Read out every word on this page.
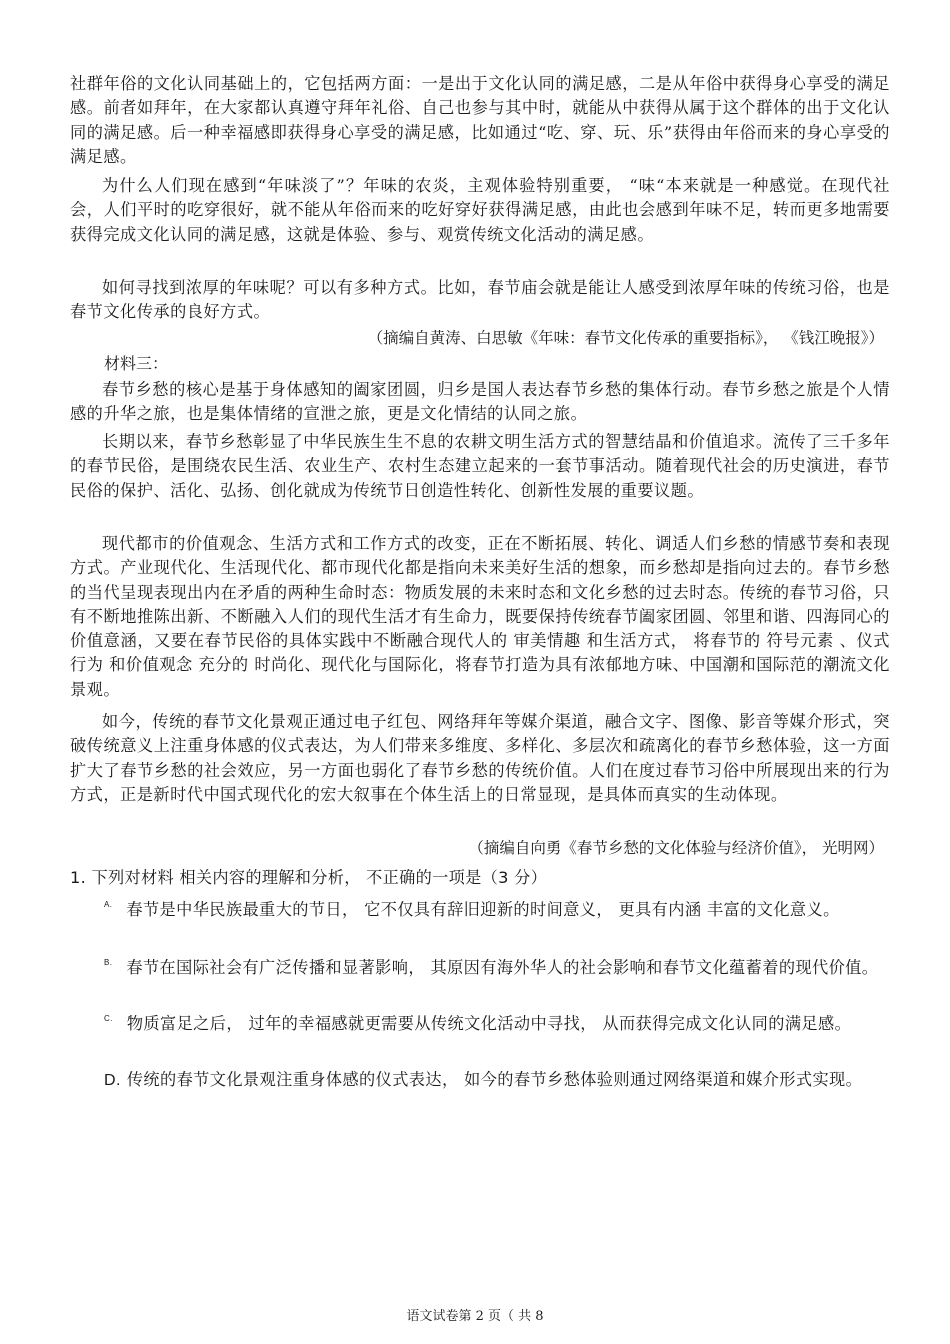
社群年俗的文化认同基础上的，它包括两方面：一是出于文化认同的满足感，二是从年俗中获得身心享受的满足感。前者如拜年，在大家都认真遵守拜年礼俗、自己也参与其中时，就能从中获得从属于这个群体的出于文化认同的满足感。后一种幸福感即获得身心享受的满足感，比如通过“吃、穿、玩、乐”获得由年俗而来的身心享受的满足感。

为什么人们现在感到“年味淡了”？年味的农炎，主观体验特别重要， “味“本来就是一种感觉。在现代社会，人们平时的吃穿很好，就不能从年俗而来的吃好穿好获得满足感，由此也会感到年味不足，转而更多地需要获得完成文化认同的满足感，这就是体验、参与、观赏传统文化活动的满足感。

如何寻找到浓厚的年味呢？可以有多种方式。比如，春节庙会就是能让人感受到浓厚年味的传统习俗，也是春节文化传承的良好方式。

（摘编自黄涛、白思敏《年味：春节文化传承的重要指标》， 《钱江晚报》）

材料三：

春节乡愁的核心是基于身体感知的阖家团圆，归乡是国人表达春节乡愁的集体行动。春节乡愁之旅是个人情感的升华之旅，也是集体情绪的宣泄之旅，更是文化情结的认同之旅。

长期以来，春节乡愁彰显了中华民族生生不息的农耕文明生活方式的智慧结晶和价值追求。流传了三千多年的春节民俗，是围绕农民生活、农业生产、农村生态建立起来的一套节事活动。随着现代社会的历史演进，春节民俗的保护、活化、弘扬、创化就成为传统节日创造性转化、创新性发展的重要议题。

现代都市的价值观念、生活方式和工作方式的改变，正在不断拓展、转化、调适人们乡愁的情感节奏和表现方式。产业现代化、生活现代化、都市现代化都是指向未来美好生活的想象，而乡愁却是指向过去的。春节乡愁的当代呈现表现出内在矛盾的两种生命时态：物质发展的未来时态和文化乡愁的过去时态。传统的春节习俗，只有不断地推陈出新、不断融入人们的现代生活才有生命力，既要保持传统春节阖家团圆、邻里和谐、四海同心的价值意涵，又要在春节民俗的具体实践中不断融合现代人的 审美情趣 和生活方式， 将春节的 符号元素 、仪式行为 和价值观念 充分的 时尚化、现代化与国际化，将春节打造为具有浓郁地方味、中国潮和国际范的潮流文化景观。

如今，传统的春节文化景观正通过电子红包、网络拜年等媒介渠道，融合文字、图像、影音等媒介形式，突破传统意义上注重身体感的仪式表达，为人们带来多维度、多样化、多层次和疏离化的春节乡愁体验，这一方面扩大了春节乡愁的社会效应，另一方面也弱化了春节乡愁的传统价值。人们在度过春节习俗中所展现出来的行为方式，正是新时代中国式现代化的宏大叙事在个体生活上的日常显现，是具体而真实的生动体现。

（摘编自向勇《春节乡愁的文化体验与经济价值》， 光明网）

1. 下列对材料 相关内容的理解和分析， 不正确的一项是（3 分）

$^{A.}$ 春节是中华民族最重大的节日， 它不仅具有辞旧迎新的时间意义， 更具有内涵 丰富的文化意义。

$^{B.}$ 春节在国际社会有广泛传播和显著影响， 其原因有海外华人的社会影响和春节文化蕴蓄着的现代价值。

$^{C.}$ 物质富足之后， 过年的幸福感就更需要从传统文化活动中寻找， 从而获得完成文化认同的满足感。

D. 传统的春节文化景观注重身体感的仪式表达， 如今的春节乡愁体验则通过网络渠道和媒介形式实现。

语文试卷第 2 页（ 共 8
